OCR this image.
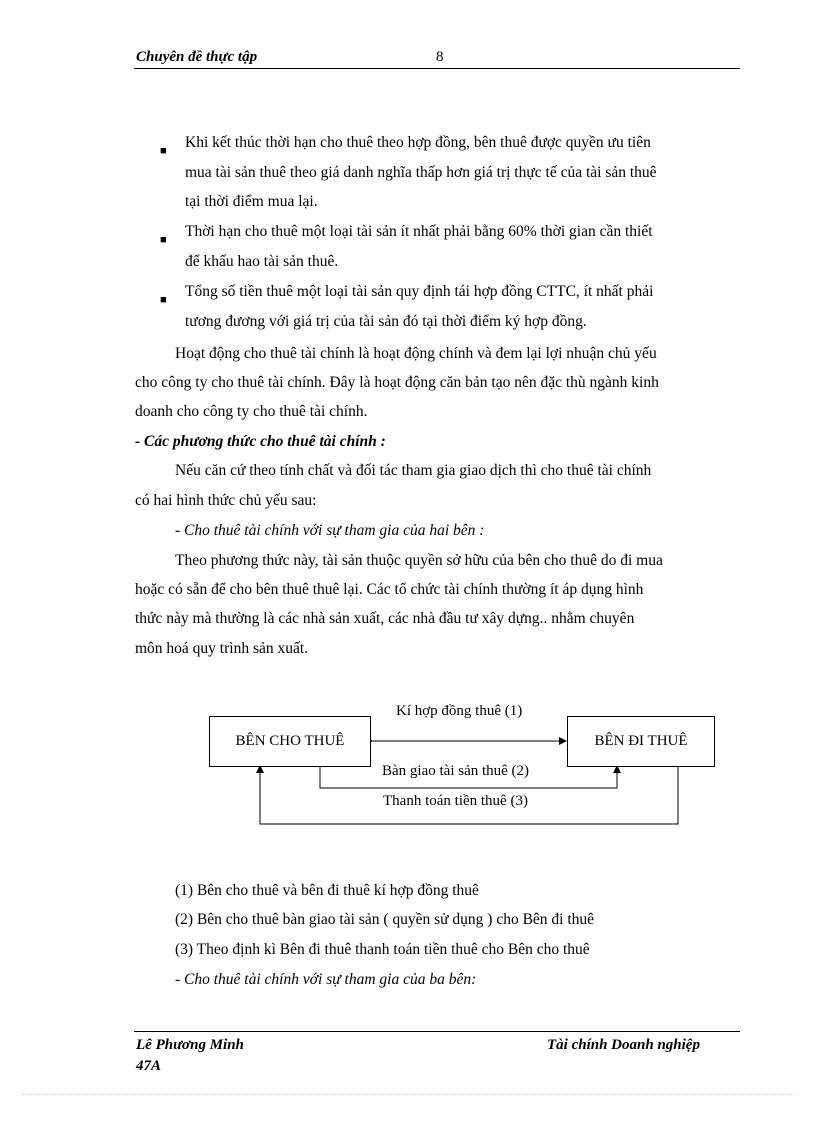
Chuyên đề thực tập	8
■ Khi kết thúc thời hạn cho thuê theo hợp đồng, bên thuê được quyền ưu tiên
mua tài sản thuê theo giá danh nghĩa thấp hơn giá trị thực tế của tài sản thuê
tại thời điểm mua lại.
■ Thời hạn cho thuê một loại tài sản ít nhất phải bằng 60% thời gian cần thiết
để khấu hao tài sản thuê.
■ Tổng số tiền thuê một loại tài sản quy định tái hợp đồng CTTC, ít nhất phải
tương đương với giá trị của tài sản đó tại thời điểm ký hợp đồng.
Hoạt động cho thuê tài chính là hoạt động chính và đem lại lợi nhuận chủ yếu
cho công ty cho thuê tài chính. Đây là hoạt động căn bản tạo nên đặc thù ngành kinh
doanh cho công ty cho thuê tài chính.
- Các phương thức cho thuê tài chính :
Nếu căn cứ theo tính chất và đối tác tham gia giao dịch thì cho thuê tài chính
có hai hình thức chủ yếu sau:
- Cho thuê tài chính với sự tham gia của hai bên :
Theo phương thức này, tài sản thuộc quyền sở hữu của bên cho thuê do đi mua
hoặc có sẵn để cho bên thuê thuê lại. Các tổ chức tài chính thường ít áp dụng hình
thức này mà thường là các nhà sản xuất, các nhà đầu tư xây dựng.. nhằm chuyên
môn hoá quy trình sản xuất.
BÊN CHO THUÊ	BÊN ĐI THUÊ
Kí hợp đồng thuê (1)
Bàn giao tài sản thuê (2)
Thanh toán tiền thuê (3)
(1) Bên cho thuê và bên đi thuê kí hợp đồng thuê
(2) Bên cho thuê bàn giao tài sản ( quyền sử dụng ) cho Bên đi thuê
(3) Theo định kì Bên đi thuê thanh toán tiền thuê cho Bên cho thuê
- Cho thuê tài chính với sự tham gia của ba bên:
Lê Phương Minh
47A
Tài chính Doanh nghiệp
